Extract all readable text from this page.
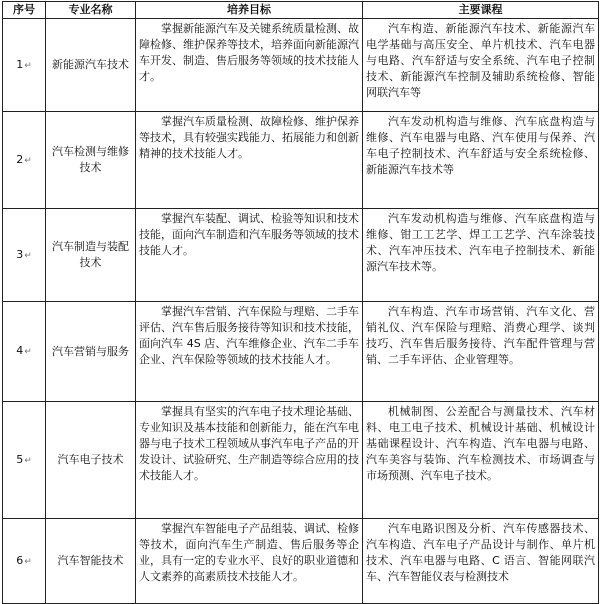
序号	专业名称	培养目标	主要课程
1↵	新能源汽车技术	掌握新能源汽车及关键系统质量检测、故障检修、维护保养等技术，培养面向新能源汽车开发、制造、售后服务等领域的技术技能人才。	汽车构造、新能源汽车技术、新能源汽车电学基础与高压安全、单片机技术、汽车电器与电路、汽车舒适与安全系统、汽车电子控制技术、新能源汽车控制及辅助系统检修、智能网联汽车等
2↵	汽车检测与维修技术	掌握汽车质量检测、故障检修、维护保养等技术，具有较强实践能力、拓展能力和创新精神的技术技能人才。	汽车发动机构造与维修、汽车底盘构造与维修、汽车电器与电路、汽车使用与保养、汽车电子控制技术、汽车舒适与安全系统检修、新能源汽车技术等
3↵	汽车制造与装配技术	掌握汽车装配、调试、检验等知识和技术技能，面向汽车制造和汽车服务等领域的技术技能人才。	汽车发动机构造与维修、汽车底盘构造与维修、钳工工艺学、焊工工艺学、汽车涂装技术、汽车冲压技术、汽车电子控制技术、新能源汽车技术等。
4↵	汽车营销与服务	掌握汽车营销、汽车保险与理赔、二手车评估、汽车售后服务接待等知识和技术技能，面向汽车 4S 店、汽车维修企业、汽车二手车企业、汽车保险等领域的技术技能人才。	汽车构造、汽车市场营销、汽车文化、营销礼仪、汽车保险与理赔、消费心理学、谈判技巧、汽车售后服务接待、汽车配件管理与营销、二手车评估、企业管理等。
5↵	汽车电子技术	掌握具有坚实的汽车电子技术理论基础、专业知识及基本技能和创新能力，能在汽车电器与电子技术工程领域从事汽车电子产品的开发设计、试验研究、生产制造等综合应用的技术技能人才。	机械制图、公差配合与测量技术、汽车材料、电工电子技术、机械设计基础、机械设计基础课程设计、汽车构造、汽车电器与电路、汽车美容与装饰、汽车检测技术、市场调查与市场预测、汽车电子技术。
6↵	汽车智能技术	掌握汽车智能电子产品组装、调试、检修等技术，面向汽车生产制造、售后服务等企业，具有一定的专业水平、良好的职业道德和人文素养的高素质技术技能人才。	汽车电路识图及分析、汽车传感器技术、汽车构造、汽车电子产品设计与制作、单片机技术、汽车电器与电路、C 语言、智能网联汽车、汽车智能仪表与检测技术
